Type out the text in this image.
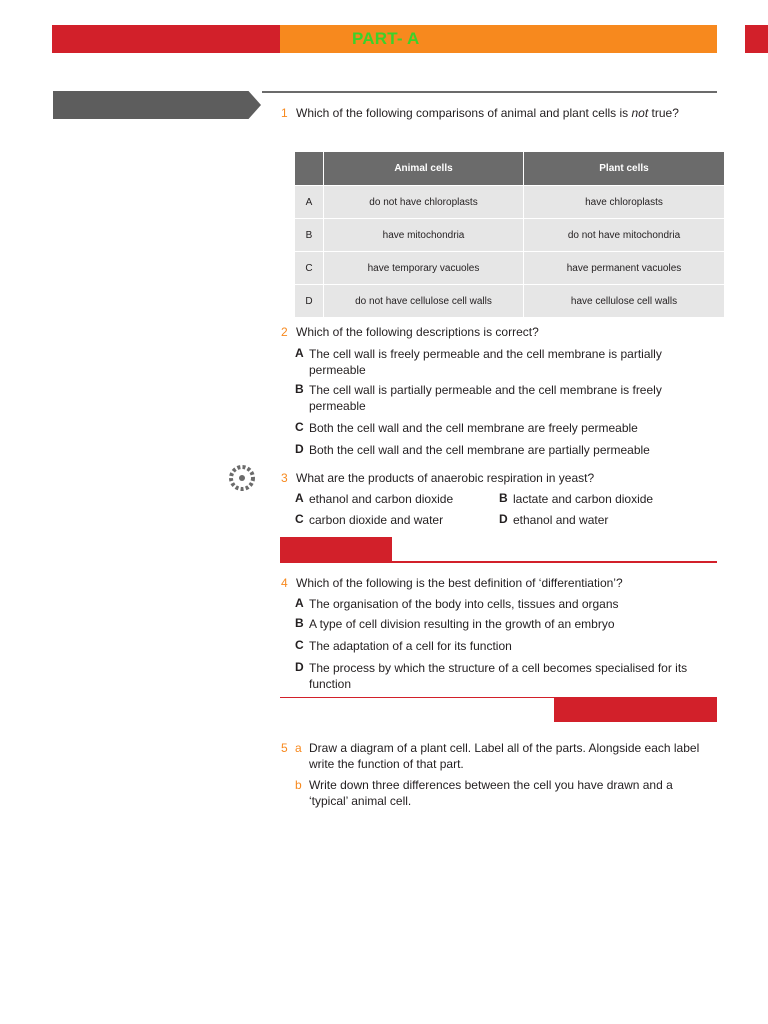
PART- A
1 Which of the following comparisons of animal and plant cells is not true?
	Animal cells	Plant cells
A	do not have chloroplasts	have chloroplasts
B	have mitochondria	do not have mitochondria
C	have temporary vacuoles	have permanent vacuoles
D	do not have cellulose cell walls	have cellulose cell walls
2 Which of the following descriptions is correct?
A The cell wall is freely permeable and the cell membrane is partially
permeable
B The cell wall is partially permeable and the cell membrane is freely
permeable
C Both the cell wall and the cell membrane are freely permeable
D Both the cell wall and the cell membrane are partially permeable
3 What are the products of anaerobic respiration in yeast?
A ethanol and carbon dioxide	B lactate and carbon dioxide
C carbon dioxide and water	D ethanol and water
4 Which of the following is the best definition of ‘differentiation’?
A The organisation of the body into cells, tissues and organs
B A type of cell division resulting in the growth of an embryo
C The adaptation of a cell for its function
D The process by which the structure of a cell becomes specialised for its
function
5 a Draw a diagram of a plant cell. Label all of the parts. Alongside each label
write the function of that part.
b Write down three differences between the cell you have drawn and a
‘typical’ animal cell.
